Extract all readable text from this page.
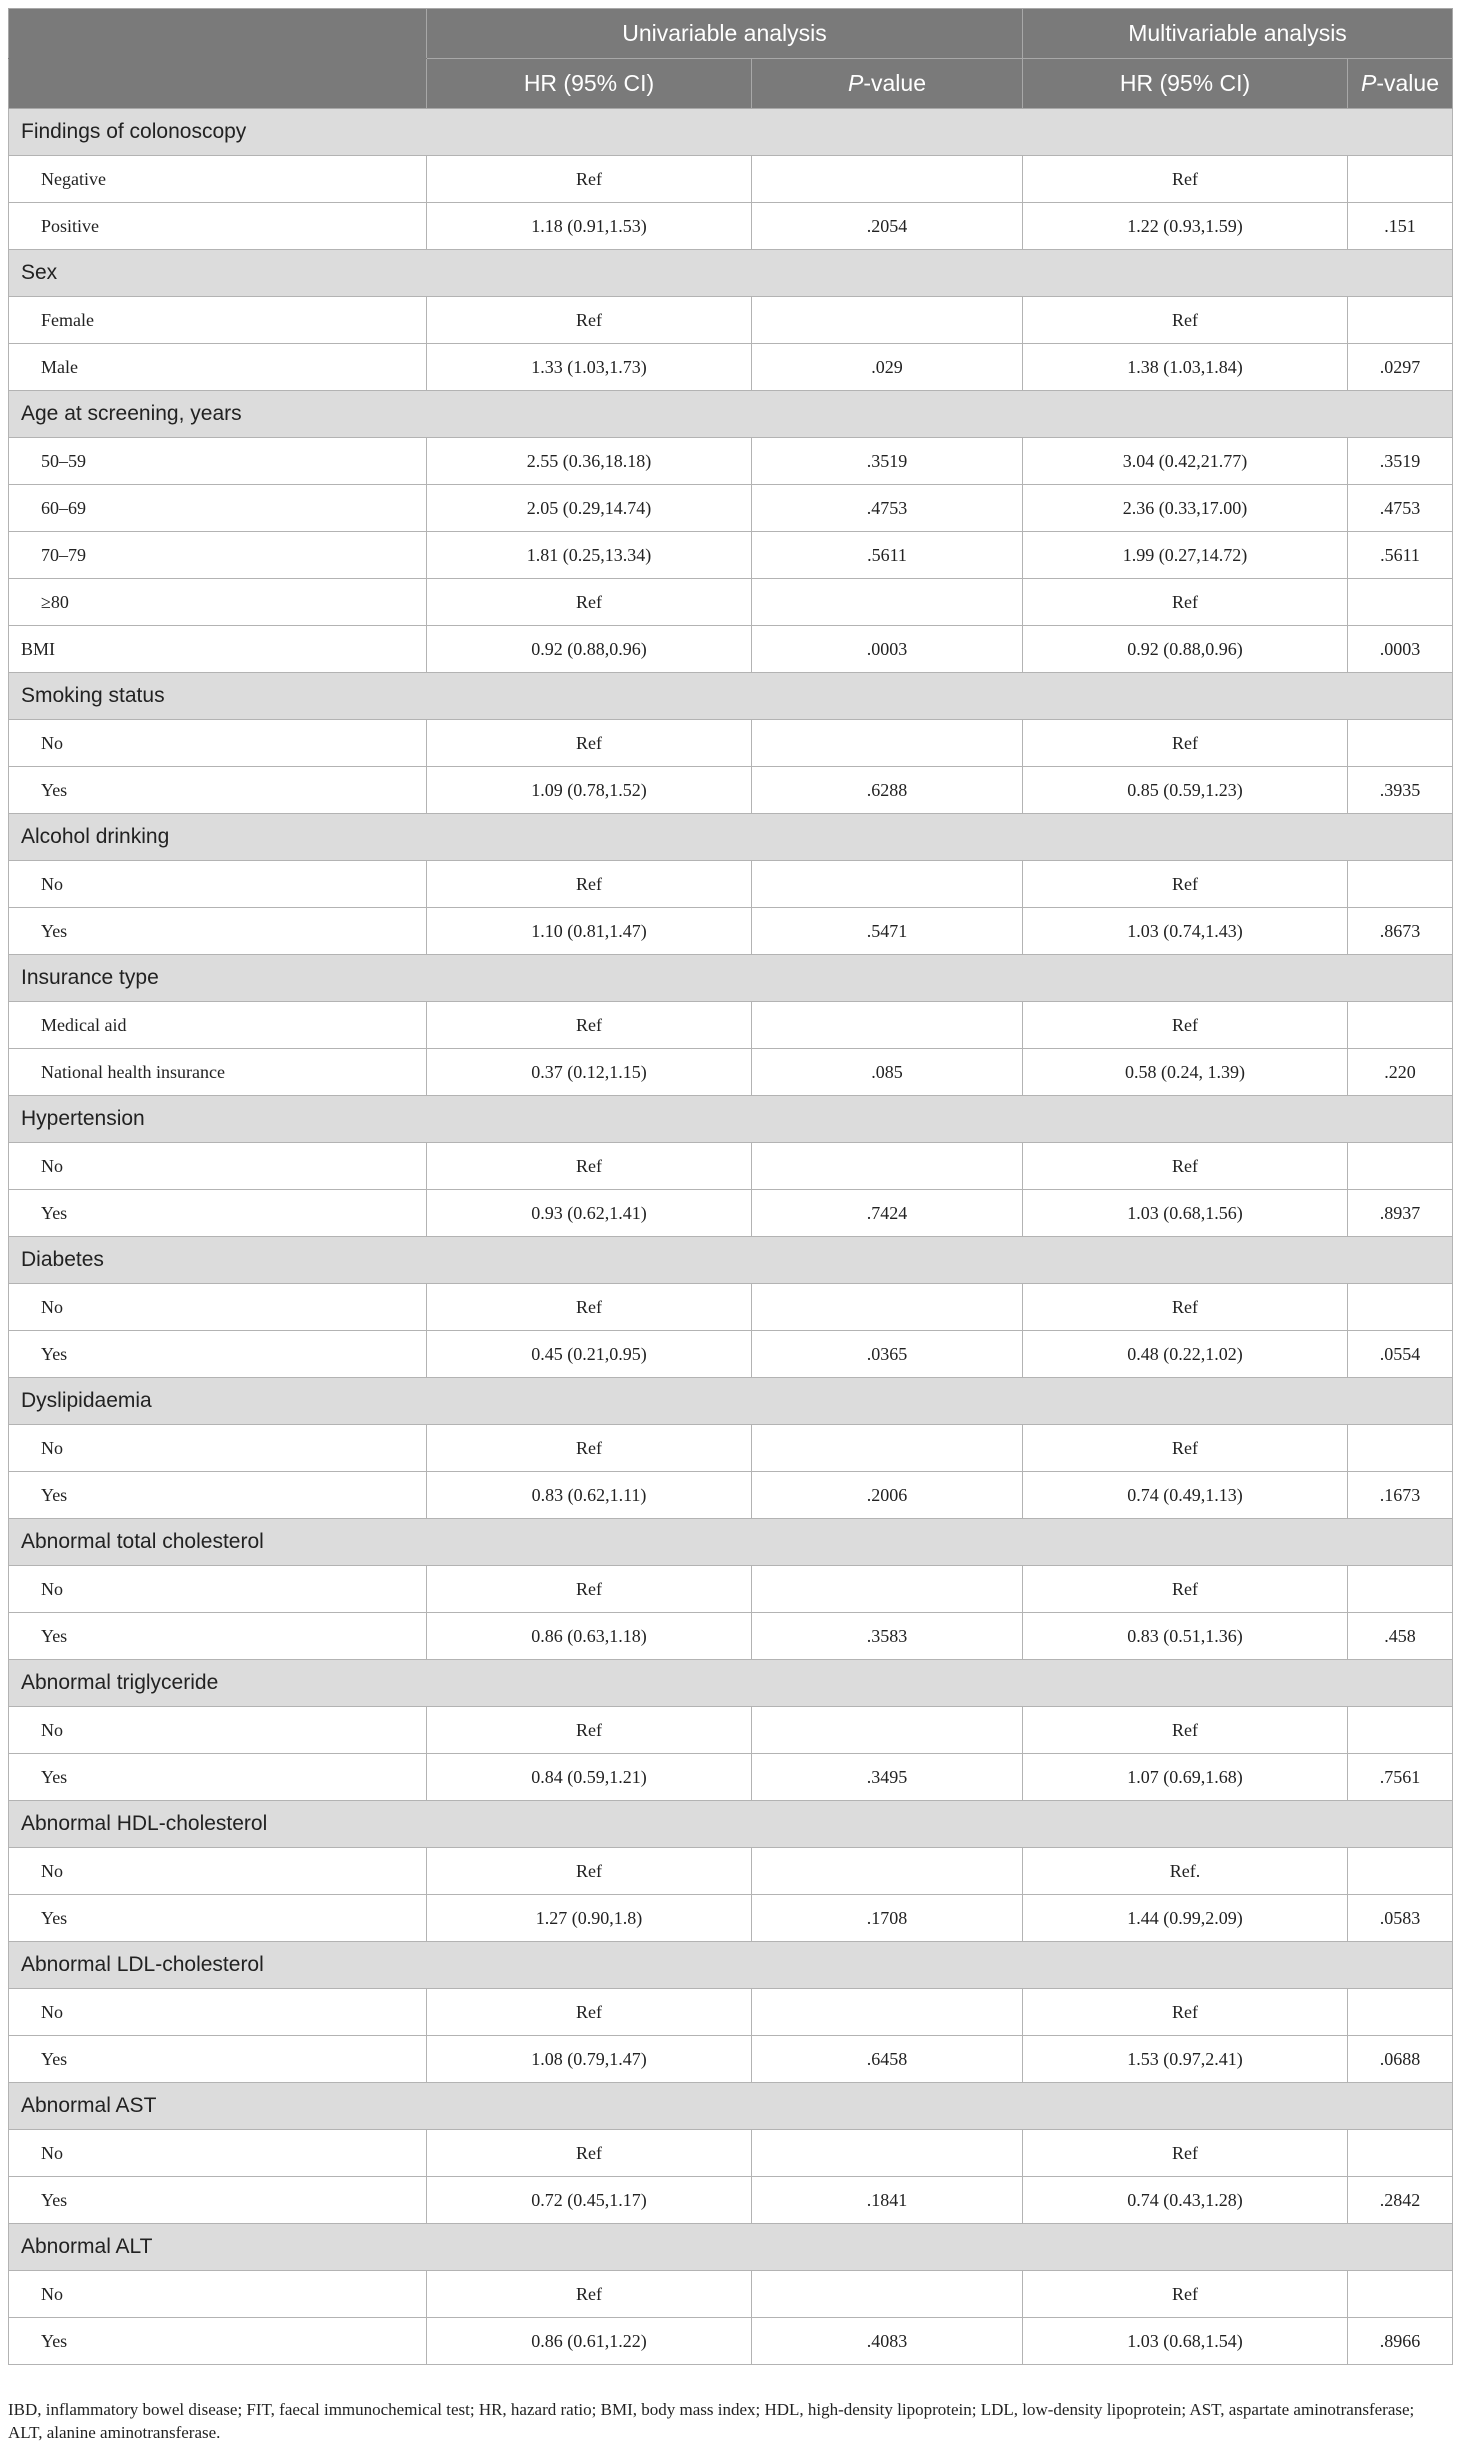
	Univariable analysis		Multivariable analysis	
	HR (95% CI)	P-value	HR (95% CI)	P-value
Findings of colonoscopy				
Negative	Ref		Ref	
Positive	1.18 (0.91,1.53)	.2054	1.22 (0.93,1.59)	.151
Sex				
Female	Ref		Ref	
Male	1.33 (1.03,1.73)	.029	1.38 (1.03,1.84)	.0297
Age at screening, years				
50–59	2.55 (0.36,18.18)	.3519	3.04 (0.42,21.77)	.3519
60–69	2.05 (0.29,14.74)	.4753	2.36 (0.33,17.00)	.4753
70–79	1.81 (0.25,13.34)	.5611	1.99 (0.27,14.72)	.5611
≥80	Ref		Ref	
BMI	0.92 (0.88,0.96)	.0003	0.92 (0.88,0.96)	.0003
Smoking status				
No	Ref		Ref	
Yes	1.09 (0.78,1.52)	.6288	0.85 (0.59,1.23)	.3935
Alcohol drinking				
No	Ref		Ref	
Yes	1.10 (0.81,1.47)	.5471	1.03 (0.74,1.43)	.8673
Insurance type				
Medical aid	Ref		Ref	
National health insurance	0.37 (0.12,1.15)	.085	0.58 (0.24, 1.39)	.220
Hypertension				
No	Ref		Ref	
Yes	0.93 (0.62,1.41)	.7424	1.03 (0.68,1.56)	.8937
Diabetes				
No	Ref		Ref	
Yes	0.45 (0.21,0.95)	.0365	0.48 (0.22,1.02)	.0554
Dyslipidaemia				
No	Ref		Ref	
Yes	0.83 (0.62,1.11)	.2006	0.74 (0.49,1.13)	.1673
Abnormal total cholesterol				
No	Ref		Ref	
Yes	0.86 (0.63,1.18)	.3583	0.83 (0.51,1.36)	.458
Abnormal triglyceride				
No	Ref		Ref	
Yes	0.84 (0.59,1.21)	.3495	1.07 (0.69,1.68)	.7561
Abnormal HDL-cholesterol				
No	Ref		Ref.	
Yes	1.27 (0.90,1.8)	.1708	1.44 (0.99,2.09)	.0583
Abnormal LDL-cholesterol				
No	Ref		Ref	
Yes	1.08 (0.79,1.47)	.6458	1.53 (0.97,2.41)	.0688
Abnormal AST				
No	Ref		Ref	
Yes	0.72 (0.45,1.17)	.1841	0.74 (0.43,1.28)	.2842
Abnormal ALT				
No	Ref		Ref	
Yes	0.86 (0.61,1.22)	.4083	1.03 (0.68,1.54)	.8966
IBD, inflammatory bowel disease; FIT, faecal immunochemical test; HR, hazard ratio; BMI, body mass index; HDL, high-density lipoprotein; LDL, low-density lipoprotein; AST, aspartate aminotransferase; ALT, alanine aminotransferase.
